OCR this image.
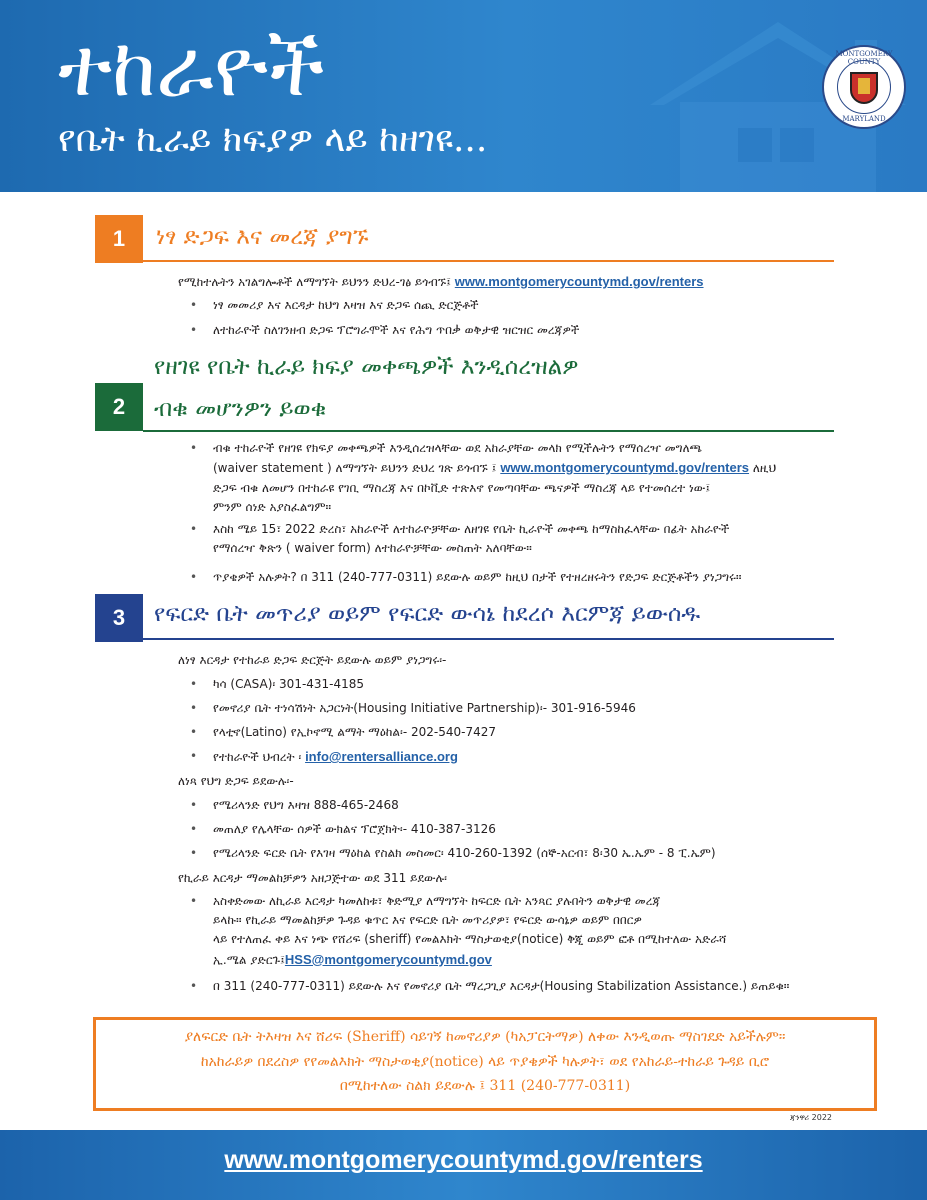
ተከራዮች
የቤት ኪራይ ክፍያዎ ላይ ከዘገዩ...
MONTGOMERY COUNTY
MARYLAND
1	ነፃ ድጋፍ እና መረጃ ያግኙ
የሚከተሉትን አገልግሎቶች ለማግኘት ይህንን ድህረ-ገፅ ይጎብኙ፤ www.montgomerycountymd.gov/renters
• ነፃ መመሪያ እና እርዳታ ከህግ እዛዝ እና ድጋፍ ሰጪ ድርጅቶች
• ለተከራዮች ስለገንዘብ ድጋፍ ፕሮግራሞች እና የሕግ ጥበቃ ወቅታዊ ዝርዝር መረጃዎች
የዘገዩ የቤት ኪራይ ክፍያ መቀጫዎች እንዲሰረዝልዎ
2	ብቁ መሆንዎን ይወቁ
• ብቁ ተከራዮች የዘገዩ የክፍያ መቀጫዎች እንዲሰረዝላቸው ወደ አከራያቸው መላክ የሚችሉትን የማሰረዣ መግለጫ
(waiver statement ) ለማግኘት ይህንን ድህረ ገጽ ይጎብኙ ፤ www.montgomerycountymd.gov/renters ለዚህ
ድጋፍ ብቁ ለመሆን በተከራዩ የገቢ ማስረጃ እና በኮቪድ ተጽእኖ የመጣባቸው ጫናዎች ማስረጃ ላይ የተመሰረተ ነው፤
ምንም ሰነድ አያስፈልግም።
• እስከ ሜይ 15፣ 2022 ድረስ፣ አከራዮች ለተከራዮቻቸው ለዘገዩ የቤት ኪራዮች መቀጫ ከማስከፈላቸው በፊት አከራዮች
የማሰረዣ ቅጽን ( waiver form) ለተከራዮቻቸው መስጠት አለባቸው።
• ጥያቄዎች አሉዎት? በ 311 (240-777-0311) ይደውሉ ወይም ከዚህ በታች የተዘረዘሩትን የድጋፍ ድርጅቶችን ያነጋግሩ።
3	የፍርድ ቤት መጥሪያ ወይም የፍርድ ውሳኔ ከደረሶ እርምጃ ይውሰዱ
ለነፃ እርዳታ የተከራይ ድጋፍ ድርጅት ይደውሉ ወይም ያነጋግሩ፡-
• ካሳ (CASA)፡ 301-431-4185
• የመኖሪያ ቤት ተነሳሽነት አጋርነት(Housing Initiative Partnership)፡- 301-916-5946
• የላቲኖ(Latino) የኢኮኖሚ ልማት ማዕከል፡- 202-540-7427
• የተከራዮች ህብረት ፡ info@rentersalliance.org
ለነጻ የህግ ድጋፍ ይደውሉ፡-
• የሜሪላንድ የህግ እዛዝ 888-465-2468
• መጠለያ የሌላቸው ሰዎች ውክልና ፕሮጀክት፡- 410-387-3126
• የሜሪላንድ ፍርድ ቤት የእገዛ ማዕከል የስልክ መስመር፡ 410-260-1392 (ሰኞ-አርብ፣ 8፡30 ኤ.ኤም - 8 ፒ.ኤም)
የኪራይ እርዳታ ማመልከቻዎን አዘጋጅተው ወደ 311 ይደውሉ፡
• አስቀድመው ለኪራይ እርዳታ ካመለከቱ፣ ቅድሚያ ለማግኘት ከፍርድ ቤት አንጻር ያሉበትን ወቅታዊ መረጃ
ይላኩ። የኪራይ ማመልከቻዎ ጉዳይ ቁጥር እና የፍርድ ቤት መጥሪያዎ፣ የፍርድ ውሳኔዎ ወይም በበርዎ
ላይ የተለጠፈ ቀይ እና ነጭ የሸሪፍ (sheriff) የመልእክት ማስታወቂያ(notice) ቅጂ ወይም ፎቶ በሚከተለው አድራሻ
ኢ.ሜል ያድርጉ፤HSS@montgomerycountymd.gov
• በ 311 (240-777-0311) ይደውሉ እና የመኖሪያ ቤት ማረጋጊያ እርዳታ(Housing Stabilization Assistance.) ይጠይቁ።
ያለፍርድ ቤት ትእዛዝ እና ሸሪፍ (Sheriff) ሳይገኝ ከመኖሪያዎ (ካአፓርትማዎ) ለቀው እንዲወጡ ማስገደድ አይችሉም።
ከአከራይዎ በደረስዎ የየመልእክት ማስታወቂያ(notice) ላይ ጥያቄዎች ካሉዎት፣ ወደ የአከራይ-ተከራይ ጉዳይ ቢሮ
በሚከተለው ስልክ ይደውሉ ፤ 311 (240-777-0311)
ጃንዋሪ 2022
www.montgomerycountymd.gov/renters
